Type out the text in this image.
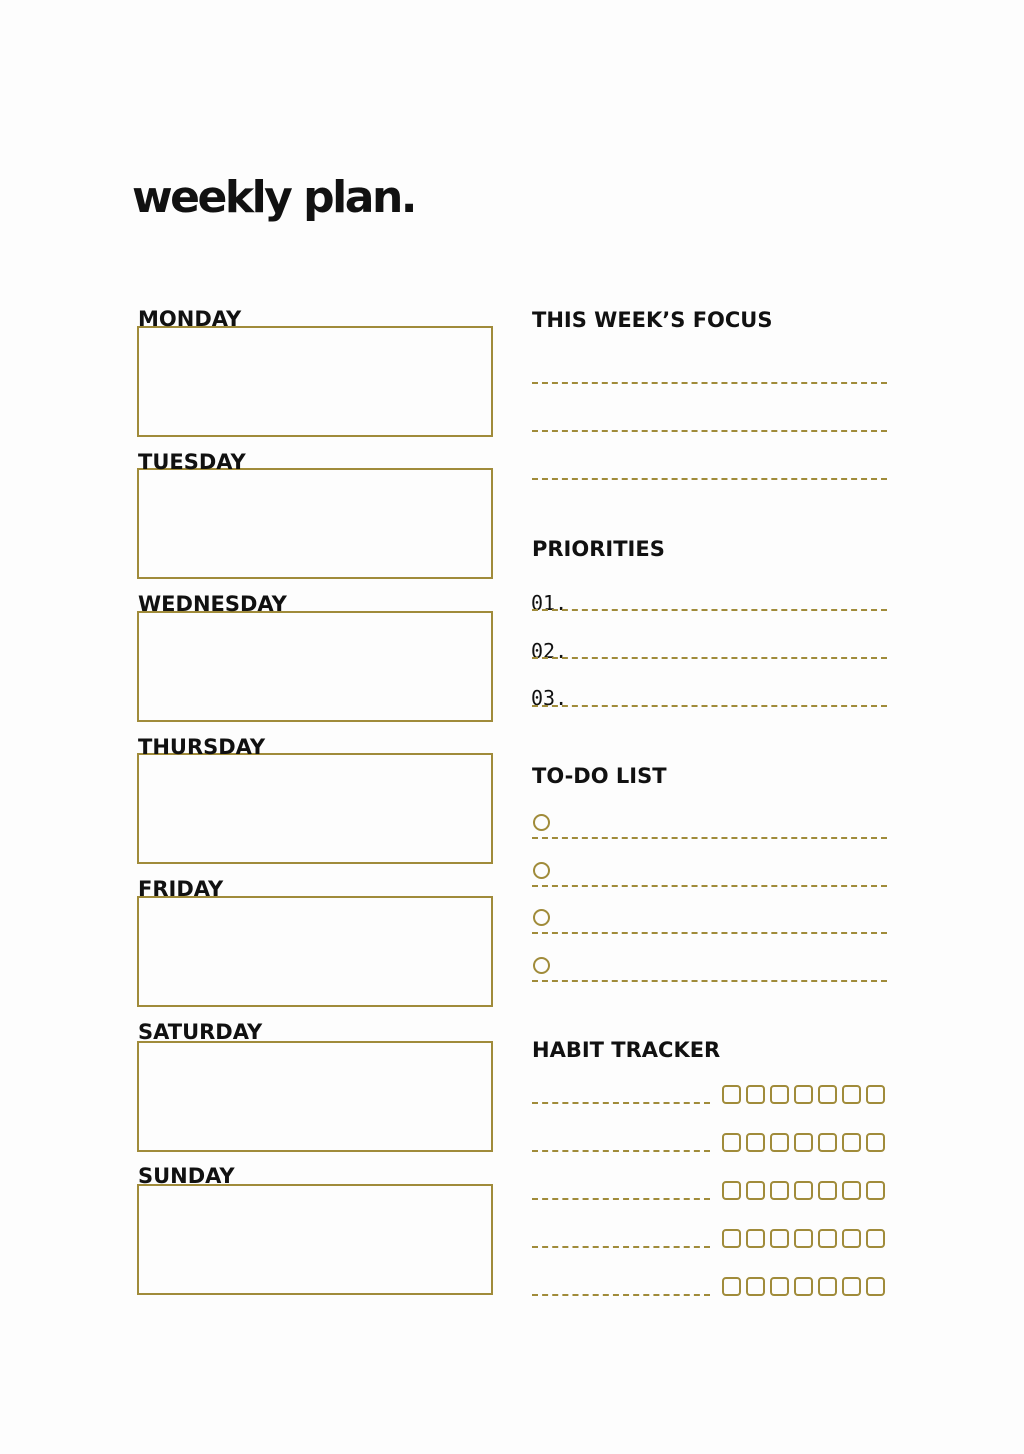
weekly plan.
MONDAY
TUESDAY
WEDNESDAY
THURSDAY
FRIDAY
SATURDAY
SUNDAY
THIS WEEK’S FOCUS
PRIORITIES
01.
02.
03.
TO-DO LIST
HABIT TRACKER
